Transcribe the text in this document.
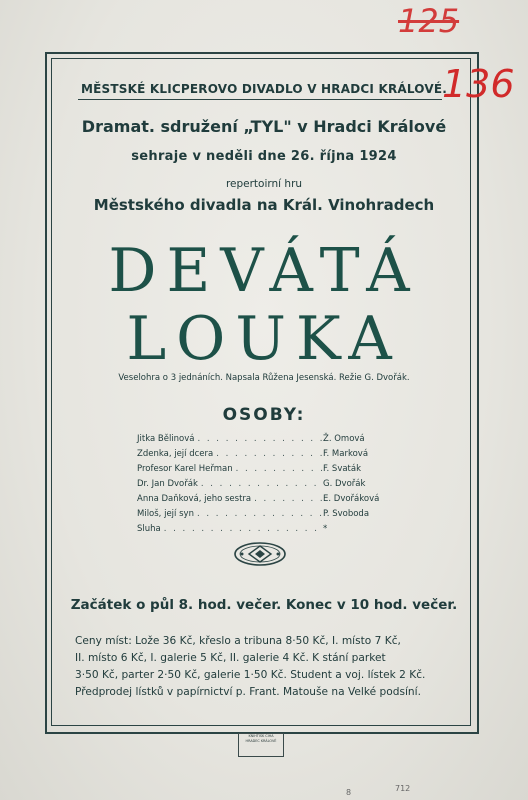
MĚSTSKÉ KLICPEROVO DIVADLO V HRADCI KRÁLOVÉ.
Dramat. sdružení „TYL" v Hradci Králové
sehraje v neděli dne 26. října 1924
repertoirní hru
Městského divadla na Král. Vinohradech
DEVÁTÁ
LOUKA
Veselohra o 3 jednáních. Napsala Růžena Jesenská. Režie G. Dvořák.
OSOBY:
Jitka Bělinová . . .	Ž. Omová
Zdenka, její dcera . . .	F. Marková
Profesor Karel Heřman . . .	F. Svaták
Dr. Jan Dvořák . . .	G. Dvořák
Anna Daňková, jeho sestra . . .	E. Dvořáková
Miloš, její syn . . .	P. Svoboda
Sluha . . .	*
Začátek o půl 8. hod. večer. Konec v 10 hod. večer.
Ceny míst: Lože 36 Kč, křeslo a tribuna 8·50 Kč, I. místo 7 Kč,
II. místo 6 Kč, I. galerie 5 Kč, II. galerie 4 Kč. K stání parket
3·50 Kč, parter 2·50 Kč, galerie 1·50 Kč. Student a voj. lístek 2 Kč.
Předprodej lístků v papírnictví p. Frant. Matouše na Velké podsíní.
KNIHTISK ČIHA
HRADEC KRÁLOVÉ
125
136
8	712
